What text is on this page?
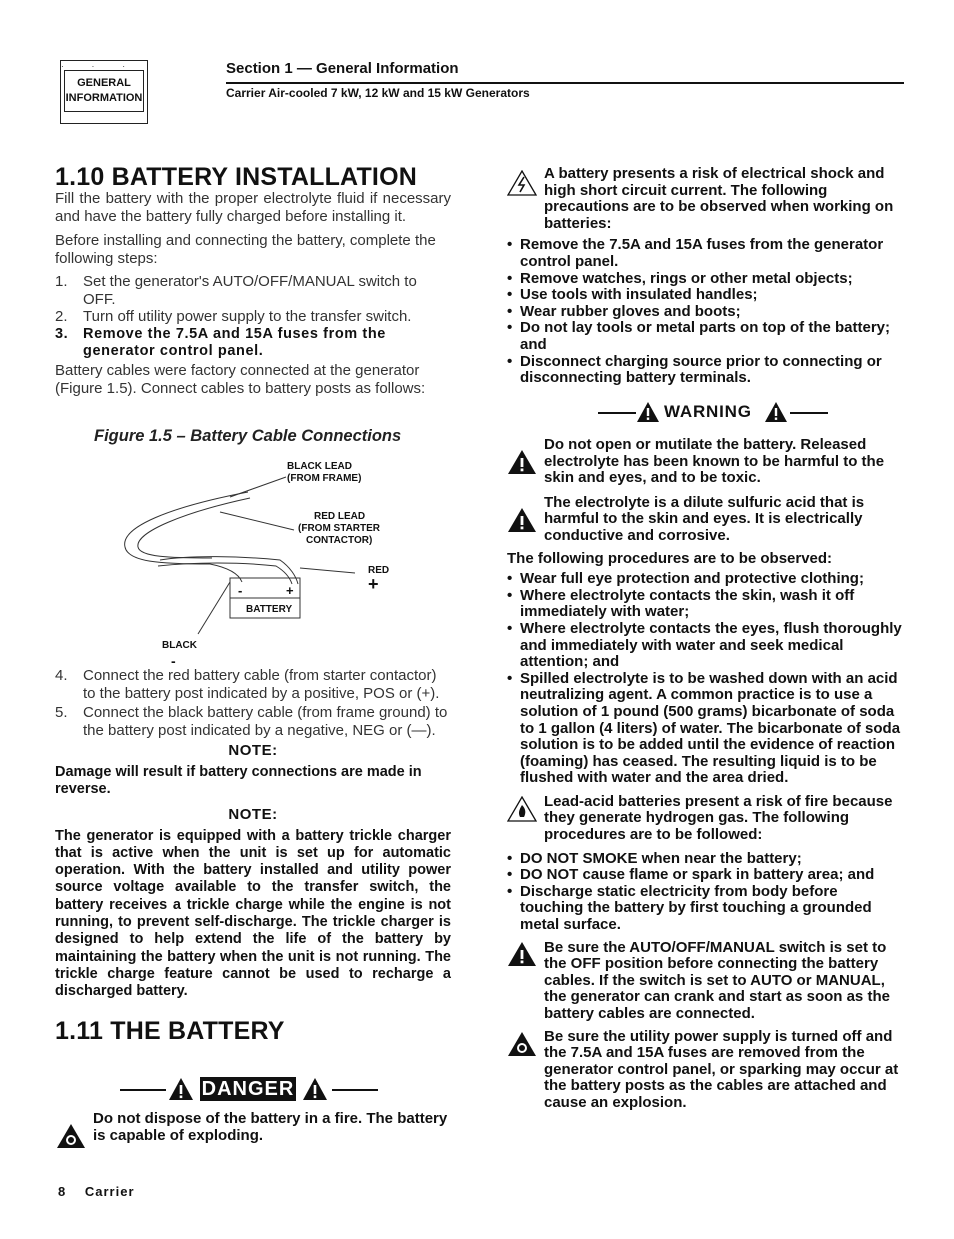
···
GENERAL
INFORMATION
Section 1 — General Information
Carrier Air-cooled 7 kW, 12 kW and 15 kW Generators
1.10 BATTERY INSTALLATION

Fill the battery with the proper electrolyte fluid if necessary and have the battery fully charged before installing it.

Before installing and connecting the battery, complete the following steps:

1. Set the generator's AUTO/OFF/MANUAL switch to OFF.
2. Turn off utility power supply to the transfer switch.
3. Remove the 7.5A and 15A fuses from the generator control panel.

Battery cables were factory connected at the generator (Figure 1.5). Connect cables to battery posts as follows:

Figure 1.5 – Battery Cable Connections
BLACK LEAD
(FROM FRAME)
RED LEAD
(FROM STARTER
CONTACTOR)
RED
+
-	+
BATTERY
BLACK
-
4. Connect the red battery cable (from starter contactor) to the battery post indicated by a positive, POS or (+).
5. Connect the black battery cable (from frame ground) to the battery post indicated by a negative, NEG or (—).
NOTE:

Damage will result if battery connections are made in reverse.

NOTE:

The generator is equipped with a battery trickle charger that is active when the unit is set up for automatic operation. With the battery installed and utility power source voltage available to the transfer switch, the battery receives a trickle charge while the engine is not running, to prevent self-discharge. The trickle charger is designed to help extend the life of the battery by maintaining the battery when the unit is not running. The trickle charge feature cannot be used to recharge a discharged battery.

1.11 THE BATTERY
DANGER
Do not dispose of the battery in a fire. The battery is capable of exploding.
A battery presents a risk of electrical shock and high short circuit current. The following precautions are to be observed when working on batteries:
• Remove the 7.5A and 15A fuses from the generator control panel.
• Remove watches, rings or other metal objects;
• Use tools with insulated handles;
• Wear rubber gloves and boots;
• Do not lay tools or metal parts on top of the battery; and
• Disconnect charging source prior to connecting or disconnecting battery terminals.
WARNING
Do not open or mutilate the battery. Released electrolyte has been known to be harmful to the skin and eyes, and to be toxic.
The electrolyte is a dilute sulfuric acid that is harmful to the skin and eyes. It is electrically conductive and corrosive.
The following procedures are to be observed:
• Wear full eye protection and protective clothing;
• Where electrolyte contacts the skin, wash it off immediately with water;
• Where electrolyte contacts the eyes, flush thoroughly and immediately with water and seek medical attention; and
• Spilled electrolyte is to be washed down with an acid neutralizing agent. A common practice is to use a solution of 1 pound (500 grams) bicarbonate of soda to 1 gallon (4 liters) of water. The bicarbonate of soda solution is to be added until the evidence of reaction (foaming) has ceased. The resulting liquid is to be flushed with water and the area dried.
Lead-acid batteries present a risk of fire because they generate hydrogen gas. The following procedures are to be followed:
• DO NOT SMOKE when near the battery;
• DO NOT cause flame or spark in battery area; and
• Discharge static electricity from body before touching the battery by first touching a grounded metal surface.
Be sure the AUTO/OFF/MANUAL switch is set to the OFF position before connecting the battery cables. If the switch is set to AUTO or MANUAL, the generator can crank and start as soon as the battery cables are connected.
Be sure the utility power supply is turned off and the 7.5A and 15A fuses are removed from the generator control panel, or sparking may occur at the battery posts as the cables are attached and cause an explosion.
8 Carrier
